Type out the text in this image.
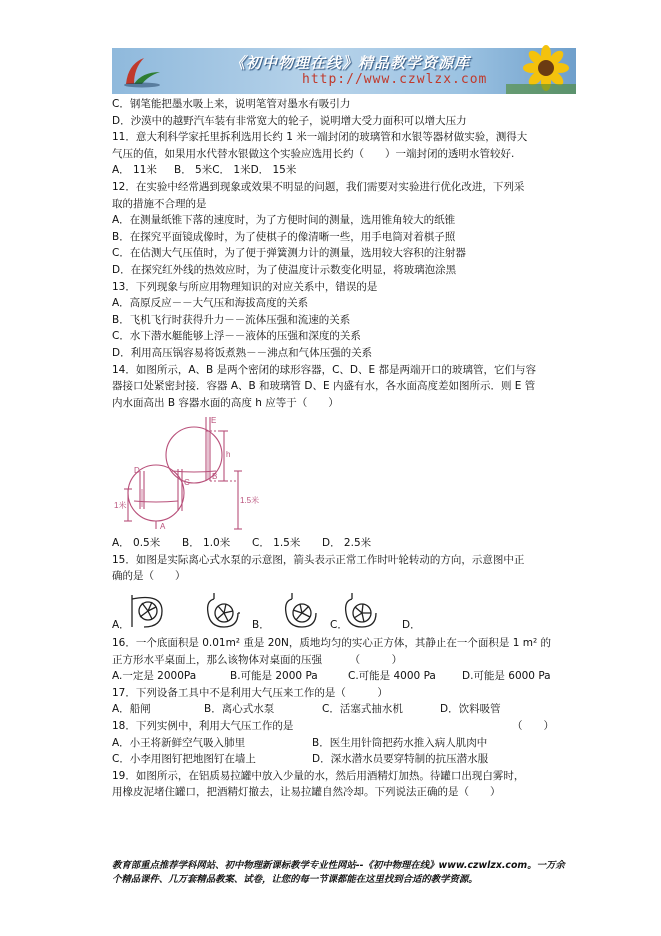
《初中物理在线》精品教学资源库
http://www.czwlzx.com
C．钢笔能把墨水吸上来，说明笔管对墨水有吸引力
D．沙漠中的越野汽车装有非常宽大的轮子，说明增大受力面积可以增大压力
11．意大利科学家托里拆利选用长约 1 米一端封闭的玻璃管和水银等器材做实验，测得大
气压的值，如果用水代替水银做这个实验应选用长约（　　）一端封闭的透明水管较好.
A． 11米	B． 5米C． 1米D． 15米
12．在实验中经常遇到现象或效果不明显的问题，我们需要对实验进行优化改进，下列采
取的措施不合理的是
A．在测量纸锥下落的速度时，为了方便时间的测量，选用锥角较大的纸锥
B．在探究平面镜成像时，为了使棋子的像清晰一些，用手电筒对着棋子照
C．在估测大气压值时，为了便于弹簧测力计的测量，选用较大容积的注射器
D．在探究红外线的热效应时，为了使温度计示数变化明显，将玻璃泡涂黑
13．下列现象与所应用物理知识的对应关系中，错误的是
A．高原反应－－大气压和海拔高度的关系
B．飞机飞行时获得升力－－流体压强和流速的关系
C．水下潜水艇能够上浮－－液体的压强和深度的关系
D．利用高压锅容易将饭煮熟－－沸点和气体压强的关系
14．如图所示，A、B 是两个密闭的球形容器，C、D、E 都是两端开口的玻璃管，它们与容
器接口处紧密封接．容器 A、B 和玻璃管 D、E 内盛有水，各水面高度差如图所示．则 E 管
内水面高出 B 容器水面的高度 h 应等于（　　）
E
h
B
C
D
A
1米
1.5米
A． 0.5米	B． 1.0米	C． 1.5米	D． 2.5米
15．如图是实际离心式水泵的示意图，箭头表示正常工作时叶轮转动的方向，示意图中正
确的是（　　）
A．	B．	C．	D．
16．一个底面积是 0.01m² 重是 20N，质地均匀的实心正方体，其静止在一个面积是 1 m² 的
正方形水平桌面上，那么该物体对桌面的压强 　　 （　　　）
A.一定是 2000Pa	B.可能是 2000 Pa	C.可能是 4000 Pa	D.可能是 6000 Pa
17．下列设备工具中不是利用大气压来工作的是（　　　）
A．船闸	B．离心式水泵	C．活塞式抽水机	D．饮料吸管
18．下列实例中，利用大气压工作的是	（　　）
A．小王将新鲜空气吸入肺里	B．医生用针筒把药水推入病人肌肉中
C．小李用图钉把地图钉在墙上	D．深水潜水员要穿特制的抗压潜水服
19．如图所示，在铝质易拉罐中放入少量的水，然后用酒精灯加热。待罐口出现白雾时，
用橡皮泥堵住罐口，把酒精灯撤去，让易拉罐自然冷却。下列说法正确的是（　　）
教育部重点推荐学科网站、初中物理新课标教学专业性网站--《初中物理在线》www.czwlzx.com。一万余
个精品课件、几万套精品教案、试卷，让您的每一节课都能在这里找到合适的教学资源。
